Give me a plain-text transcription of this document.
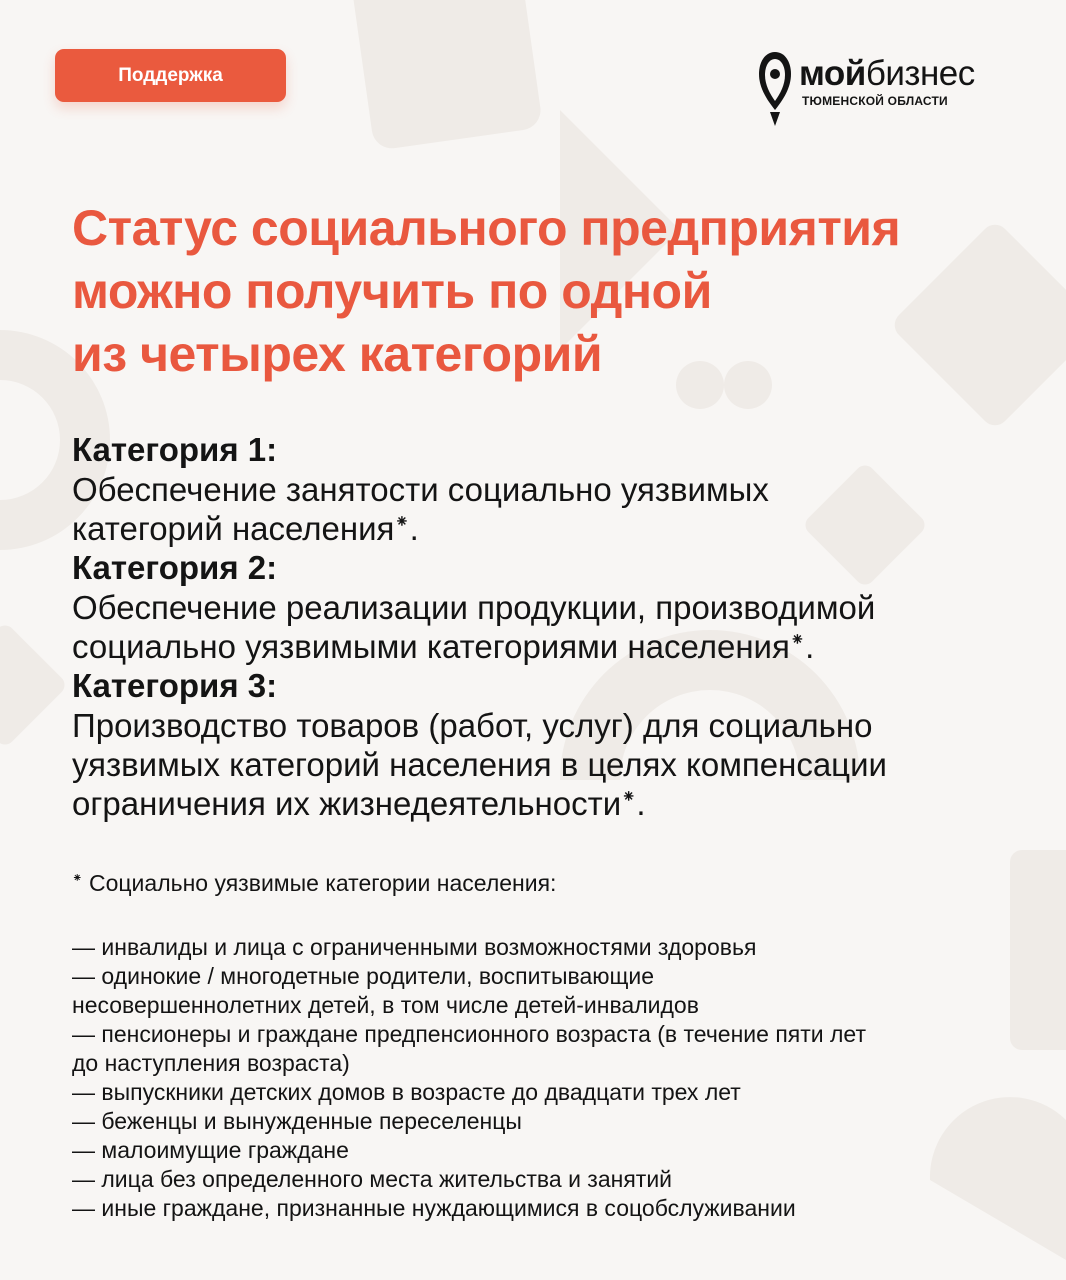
Поддержка	мойбизнес
ТЮМЕНСКОЙ ОБЛАСТИ
Статус социального предприятия
можно получить по одной
из четырех категорий
Категория 1:
Обеспечение занятости социально уязвимых
категорий населения⁕.
Категория 2:
Обеспечение реализации продукции, производимой
социально уязвимыми категориями населения⁕.
Категория 3:
Производство товаров (работ, услуг) для социально
уязвимых категорий населения в целях компенсации
ограничения их жизнедеятельности⁕.
⁕ Социально уязвимые категории населения:
— инвалиды и лица с ограниченными возможностями здоровья
— одинокие / многодетные родители, воспитывающие
несовершеннолетних детей, в том числе детей-инвалидов
— пенсионеры и граждане предпенсионного возраста (в течение пяти лет
до наступления возраста)
— выпускники детских домов в возрасте до двадцати трех лет
— беженцы и вынужденные переселенцы
— малоимущие граждане
— лица без определенного места жительства и занятий
— иные граждане, признанные нуждающимися в соцобслуживании
